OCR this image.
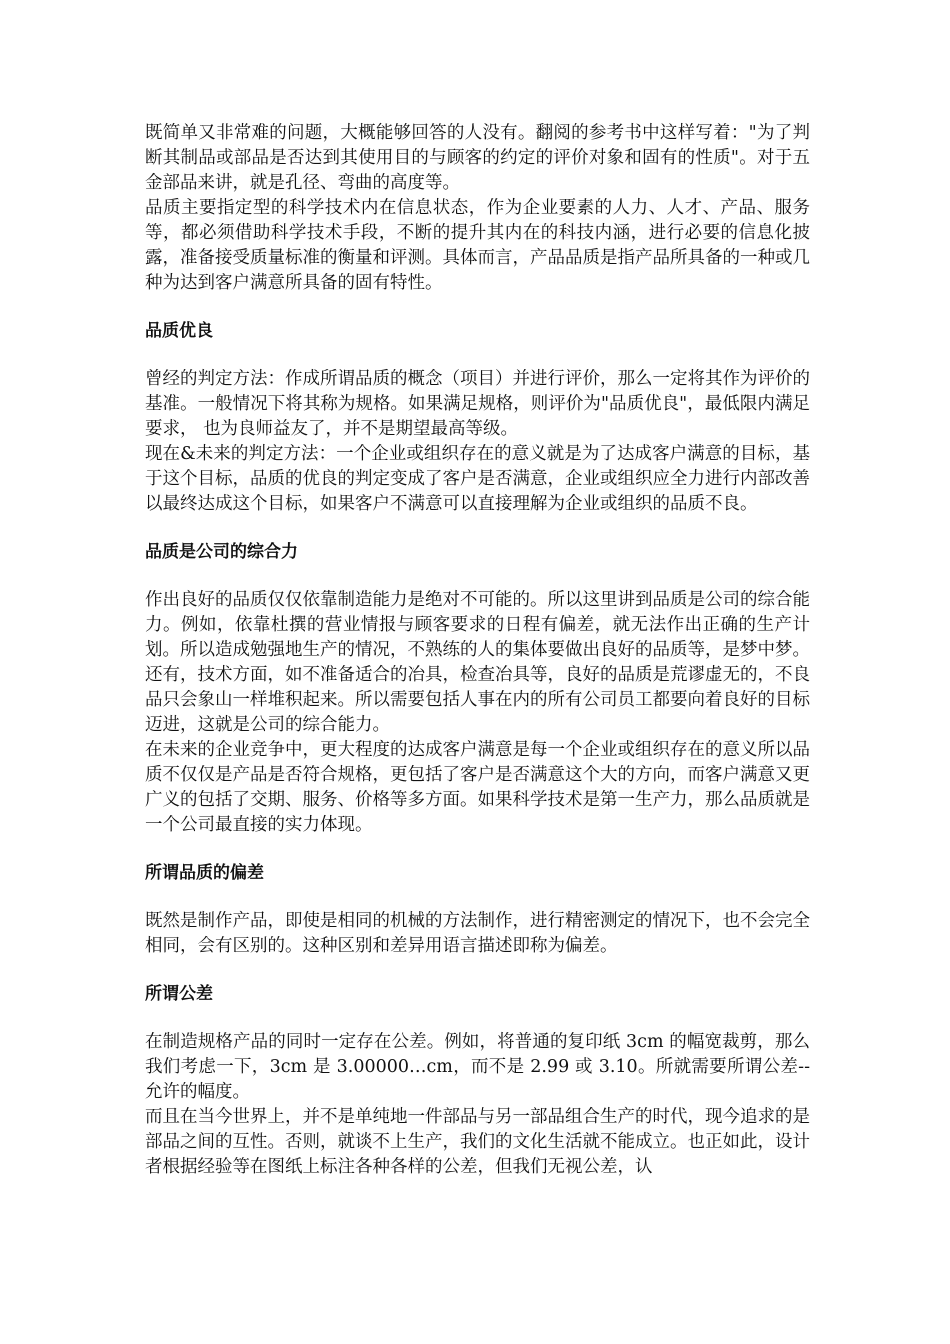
既简单又非常难的问题，大概能够回答的人没有。翻阅的参考书中这样写着："为了判断其制品或部品是否达到其使用目的与顾客的约定的评价对象和固有的性质"。对于五金部品来讲，就是孔径、弯曲的高度等。

品质主要指定型的科学技术内在信息状态，作为企业要素的人力、人才、产品、服务等，都必须借助科学技术手段，不断的提升其内在的科技内涵，进行必要的信息化披露，准备接受质量标准的衡量和评测。具体而言，产品品质是指产品所具备的一种或几种为达到客户满意所具备的固有特性。

品质优良

曾经的判定方法：作成所谓品质的概念（项目）并进行评价，那么一定将其作为评价的基准。一般情况下将其称为规格。如果满足规格，则评价为"品质优良"，最低限内满足要求， 也为良师益友了，并不是期望最高等级。

现在&未来的判定方法：一个企业或组织存在的意义就是为了达成客户满意的目标，基于这个目标，品质的优良的判定变成了客户是否满意，企业或组织应全力进行内部改善以最终达成这个目标，如果客户不满意可以直接理解为企业或组织的品质不良。

品质是公司的综合力

作出良好的品质仅仅依靠制造能力是绝对不可能的。所以这里讲到品质是公司的综合能力。例如，依靠杜撰的营业情报与顾客要求的日程有偏差，就无法作出正确的生产计划。所以造成勉强地生产的情况，不熟练的人的集体要做出良好的品质等，是梦中梦。还有，技术方面，如不准备适合的冶具，检查冶具等，良好的品质是荒谬虚无的，不良品只会象山一样堆积起来。所以需要包括人事在内的所有公司员工都要向着良好的目标迈进，这就是公司的综合能力。

在未来的企业竞争中，更大程度的达成客户满意是每一个企业或组织存在的意义所以品质不仅仅是产品是否符合规格，更包括了客户是否满意这个大的方向，而客户满意又更广义的包括了交期、服务、价格等多方面。如果科学技术是第一生产力，那么品质就是一个公司最直接的实力体现。

所谓品质的偏差

既然是制作产品，即使是相同的机械的方法制作，进行精密测定的情况下，也不会完全相同，会有区别的。这种区别和差异用语言描述即称为偏差。

所谓公差

在制造规格产品的同时一定存在公差。例如，将普通的复印纸 3cm 的幅宽裁剪，那么我们考虑一下，3cm 是 3.00000…cm，而不是 2.99 或 3.10。所就需要所谓公差--允许的幅度。

而且在当今世界上，并不是单纯地一件部品与另一部品组合生产的时代，现今追求的是部品之间的互性。否则，就谈不上生产，我们的文化生活就不能成立。也正如此，设计者根据经验等在图纸上标注各种各样的公差，但我们无视公差，认
